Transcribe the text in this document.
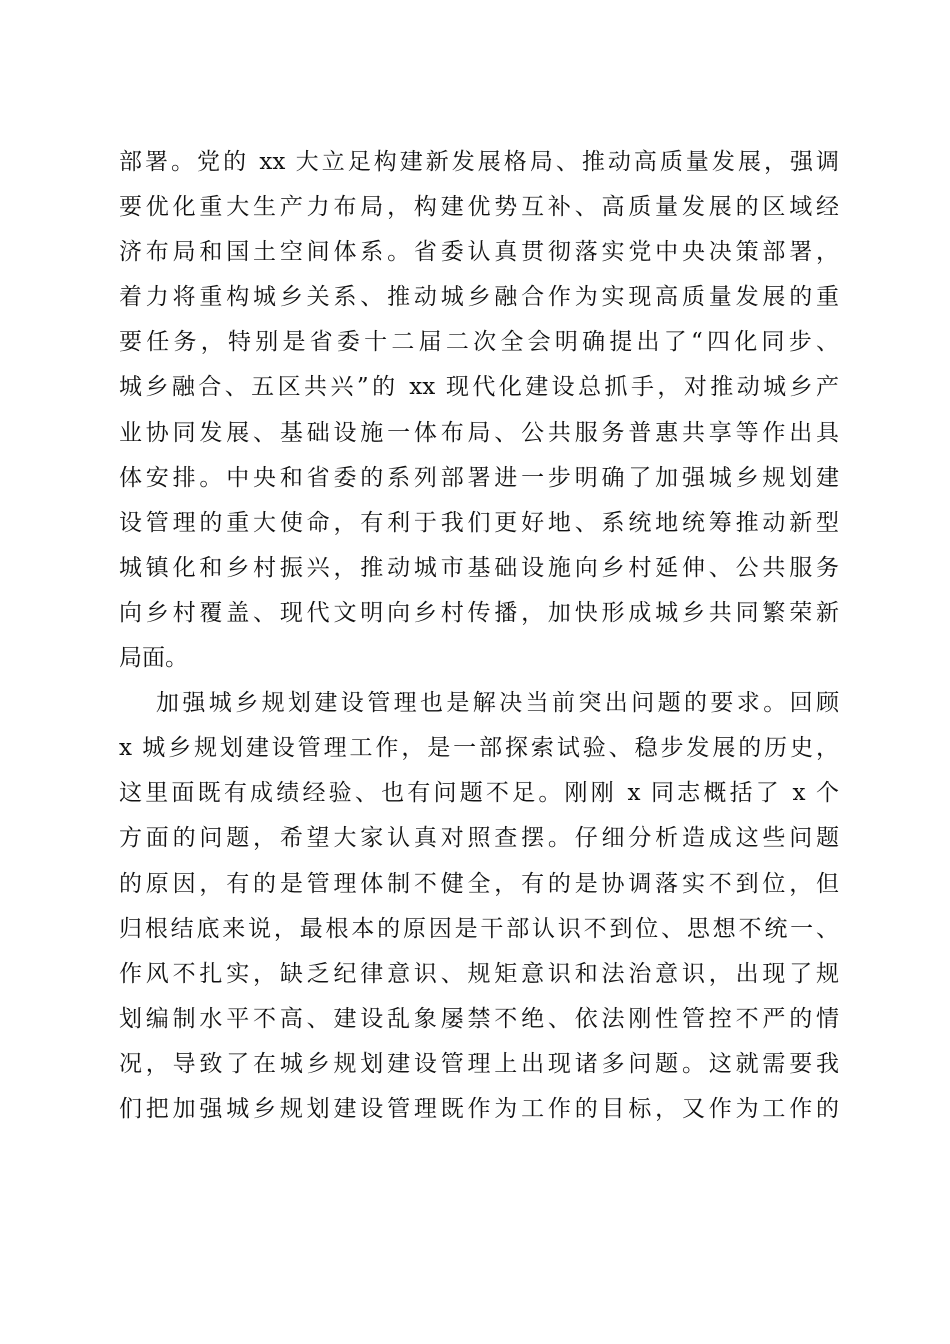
部署。党的 xx 大立足构建新发展格局、推动高质量发展，强调
要优化重大生产力布局，构建优势互补、高质量发展的区域经
济布局和国土空间体系。省委认真贯彻落实党中央决策部署，
着力将重构城乡关系、推动城乡融合作为实现高质量发展的重
要任务，特别是省委十二届二次全会明确提出了“四化同步、
城乡融合、五区共兴”的 xx 现代化建设总抓手，对推动城乡产
业协同发展、基础设施一体布局、公共服务普惠共享等作出具
体安排。中央和省委的系列部署进一步明确了加强城乡规划建
设管理的重大使命，有利于我们更好地、系统地统筹推动新型
城镇化和乡村振兴，推动城市基础设施向乡村延伸、公共服务
向乡村覆盖、现代文明向乡村传播，加快形成城乡共同繁荣新
局面。
加强城乡规划建设管理也是解决当前突出问题的要求。回顾
x 城乡规划建设管理工作，是一部探索试验、稳步发展的历史，
这里面既有成绩经验、也有问题不足。刚刚 x 同志概括了 x 个
方面的问题，希望大家认真对照查摆。仔细分析造成这些问题
的原因，有的是管理体制不健全，有的是协调落实不到位，但
归根结底来说，最根本的原因是干部认识不到位、思想不统一、
作风不扎实，缺乏纪律意识、规矩意识和法治意识，出现了规
划编制水平不高、建设乱象屡禁不绝、依法刚性管控不严的情
况，导致了在城乡规划建设管理上出现诸多问题。这就需要我
们把加强城乡规划建设管理既作为工作的目标，又作为工作的
